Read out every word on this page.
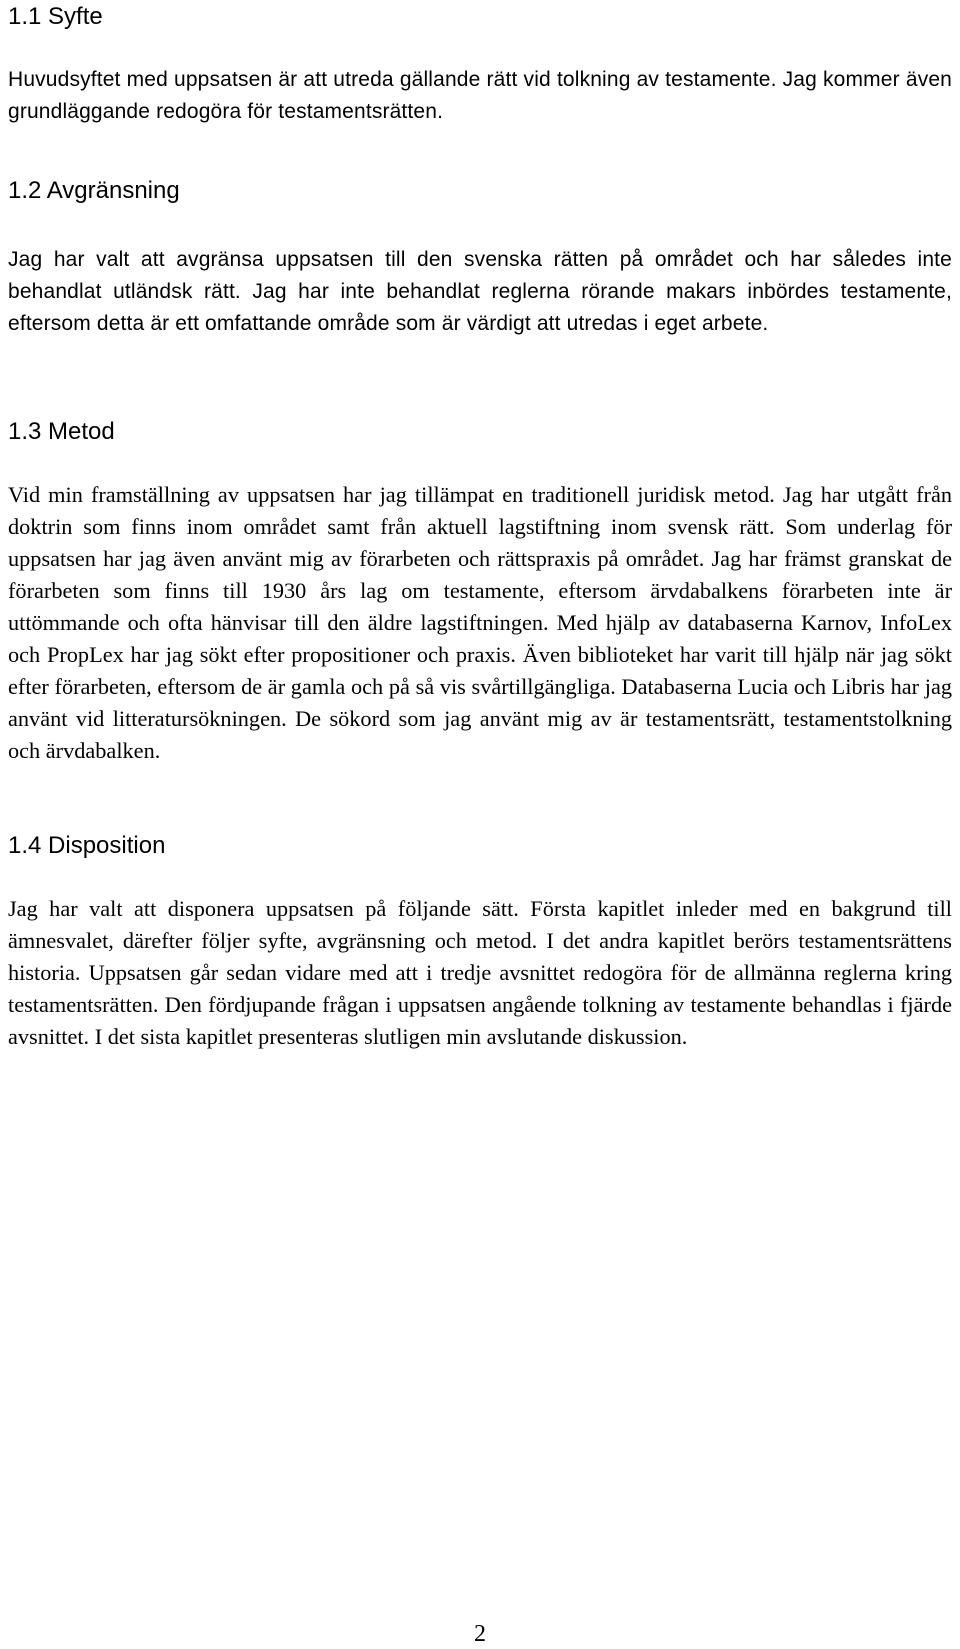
1.1 Syfte

Huvudsyftet med uppsatsen är att utreda gällande rätt vid tolkning av testamente. Jag kommer även grundläggande redogöra för testamentsrätten.

1.2 Avgränsning

Jag har valt att avgränsa uppsatsen till den svenska rätten på området och har således inte behandlat utländsk rätt. Jag har inte behandlat reglerna rörande makars inbördes testamente, eftersom detta är ett omfattande område som är värdigt att utredas i eget arbete.

1.3 Metod

Vid min framställning av uppsatsen har jag tillämpat en traditionell juridisk metod. Jag har utgått från doktrin som finns inom området samt från aktuell lagstiftning inom svensk rätt. Som underlag för uppsatsen har jag även använt mig av förarbeten och rättspraxis på området. Jag har främst granskat de förarbeten som finns till 1930 års lag om testamente, eftersom ärvdabalkens förarbeten inte är uttömmande och ofta hänvisar till den äldre lagstiftningen. Med hjälp av databaserna Karnov, InfoLex och PropLex har jag sökt efter propositioner och praxis. Även biblioteket har varit till hjälp när jag sökt efter förarbeten, eftersom de är gamla och på så vis svårtillgängliga. Databaserna Lucia och Libris har jag använt vid litteratursökningen. De sökord som jag använt mig av är testamentsrätt, testamentstolkning och ärvdabalken.

1.4 Disposition

Jag har valt att disponera uppsatsen på följande sätt. Första kapitlet inleder med en bakgrund till ämnesvalet, därefter följer syfte, avgränsning och metod. I det andra kapitlet berörs testamentsrättens historia. Uppsatsen går sedan vidare med att i tredje avsnittet redogöra för de allmänna reglerna kring testamentsrätten. Den fördjupande frågan i uppsatsen angående tolkning av testamente behandlas i fjärde avsnittet. I det sista kapitlet presenteras slutligen min avslutande diskussion.

2
